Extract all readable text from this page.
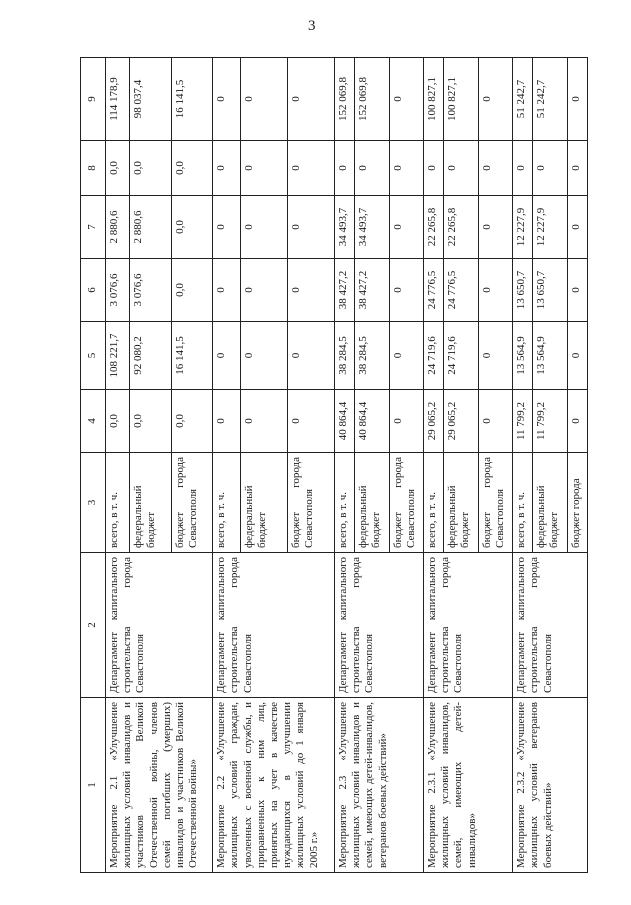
3
1	2	3	4	5	6	7	8	9
Мероприятие 2.1 «Улучшение жилищных условий инвалидов и участников Великой Отечественной войны, членов семей погибших (умерших) инвалидов и участников Великой Отечественной войны»	Департамент капитального строительства города Севастополя	всего, в т. ч.	0,0	108 221,7	3 076,6	2 880,6	0,0	114 178,9
		федеральный бюджет	0,0	92 080,2	3 076,6	2 880,6	0,0	98 037,4
		бюджет города Севастополя	0,0	16 141,5	0,0	0,0	0,0	16 141,5
Мероприятие 2.2 «Улучшение жилищных условий граждан, уволенных с военной службы, и приравненных к ним лиц, принятых на учет в качестве нуждающихся в улучшении жилищных условий до 1 января 2005 г.»	Департамент капитального строительства города Севастополя	всего, в т. ч.	0	0	0	0	0	0
		федеральный бюджет	0	0	0	0	0	0
		бюджет города Севастополя	0	0	0	0	0	0
Мероприятие 2.3 «Улучшение жилищных условий инвалидов и семей, имеющих детей-инвалидов, ветеранов боевых действий»	Департамент капитального строительства города Севастополя	всего, в т. ч.	40 864,4	38 284,5	38 427,2	34 493,7	0	152 069,8
		федеральный бюджет	40 864,4	38 284,5	38 427,2	34 493,7	0	152 069,8
		бюджет города Севастополя	0	0	0	0	0	0
Мероприятие 2.3.1 «Улучшение жилищных условий инвалидов, семей, имеющих детей-инвалидов»	Департамент капитального строительства города Севастополя	всего, в т. ч.	29 065,2	24 719,6	24 776,5	22 265,8	0	100 827,1
		федеральный бюджет	29 065,2	24 719,6	24 776,5	22 265,8	0	100 827,1
		бюджет города Севастополя	0	0	0	0	0	0
Мероприятие 2.3.2 «Улучшение жилищных условий ветеранов боевых действий»	Департамент капитального строительства города Севастополя	всего, в т. ч.	11 799,2	13 564,9	13 650,7	12 227,9	0	51 242,7
		федеральный бюджет	11 799,2	13 564,9	13 650,7	12 227,9	0	51 242,7
		бюджет города	0	0	0	0	0	0
